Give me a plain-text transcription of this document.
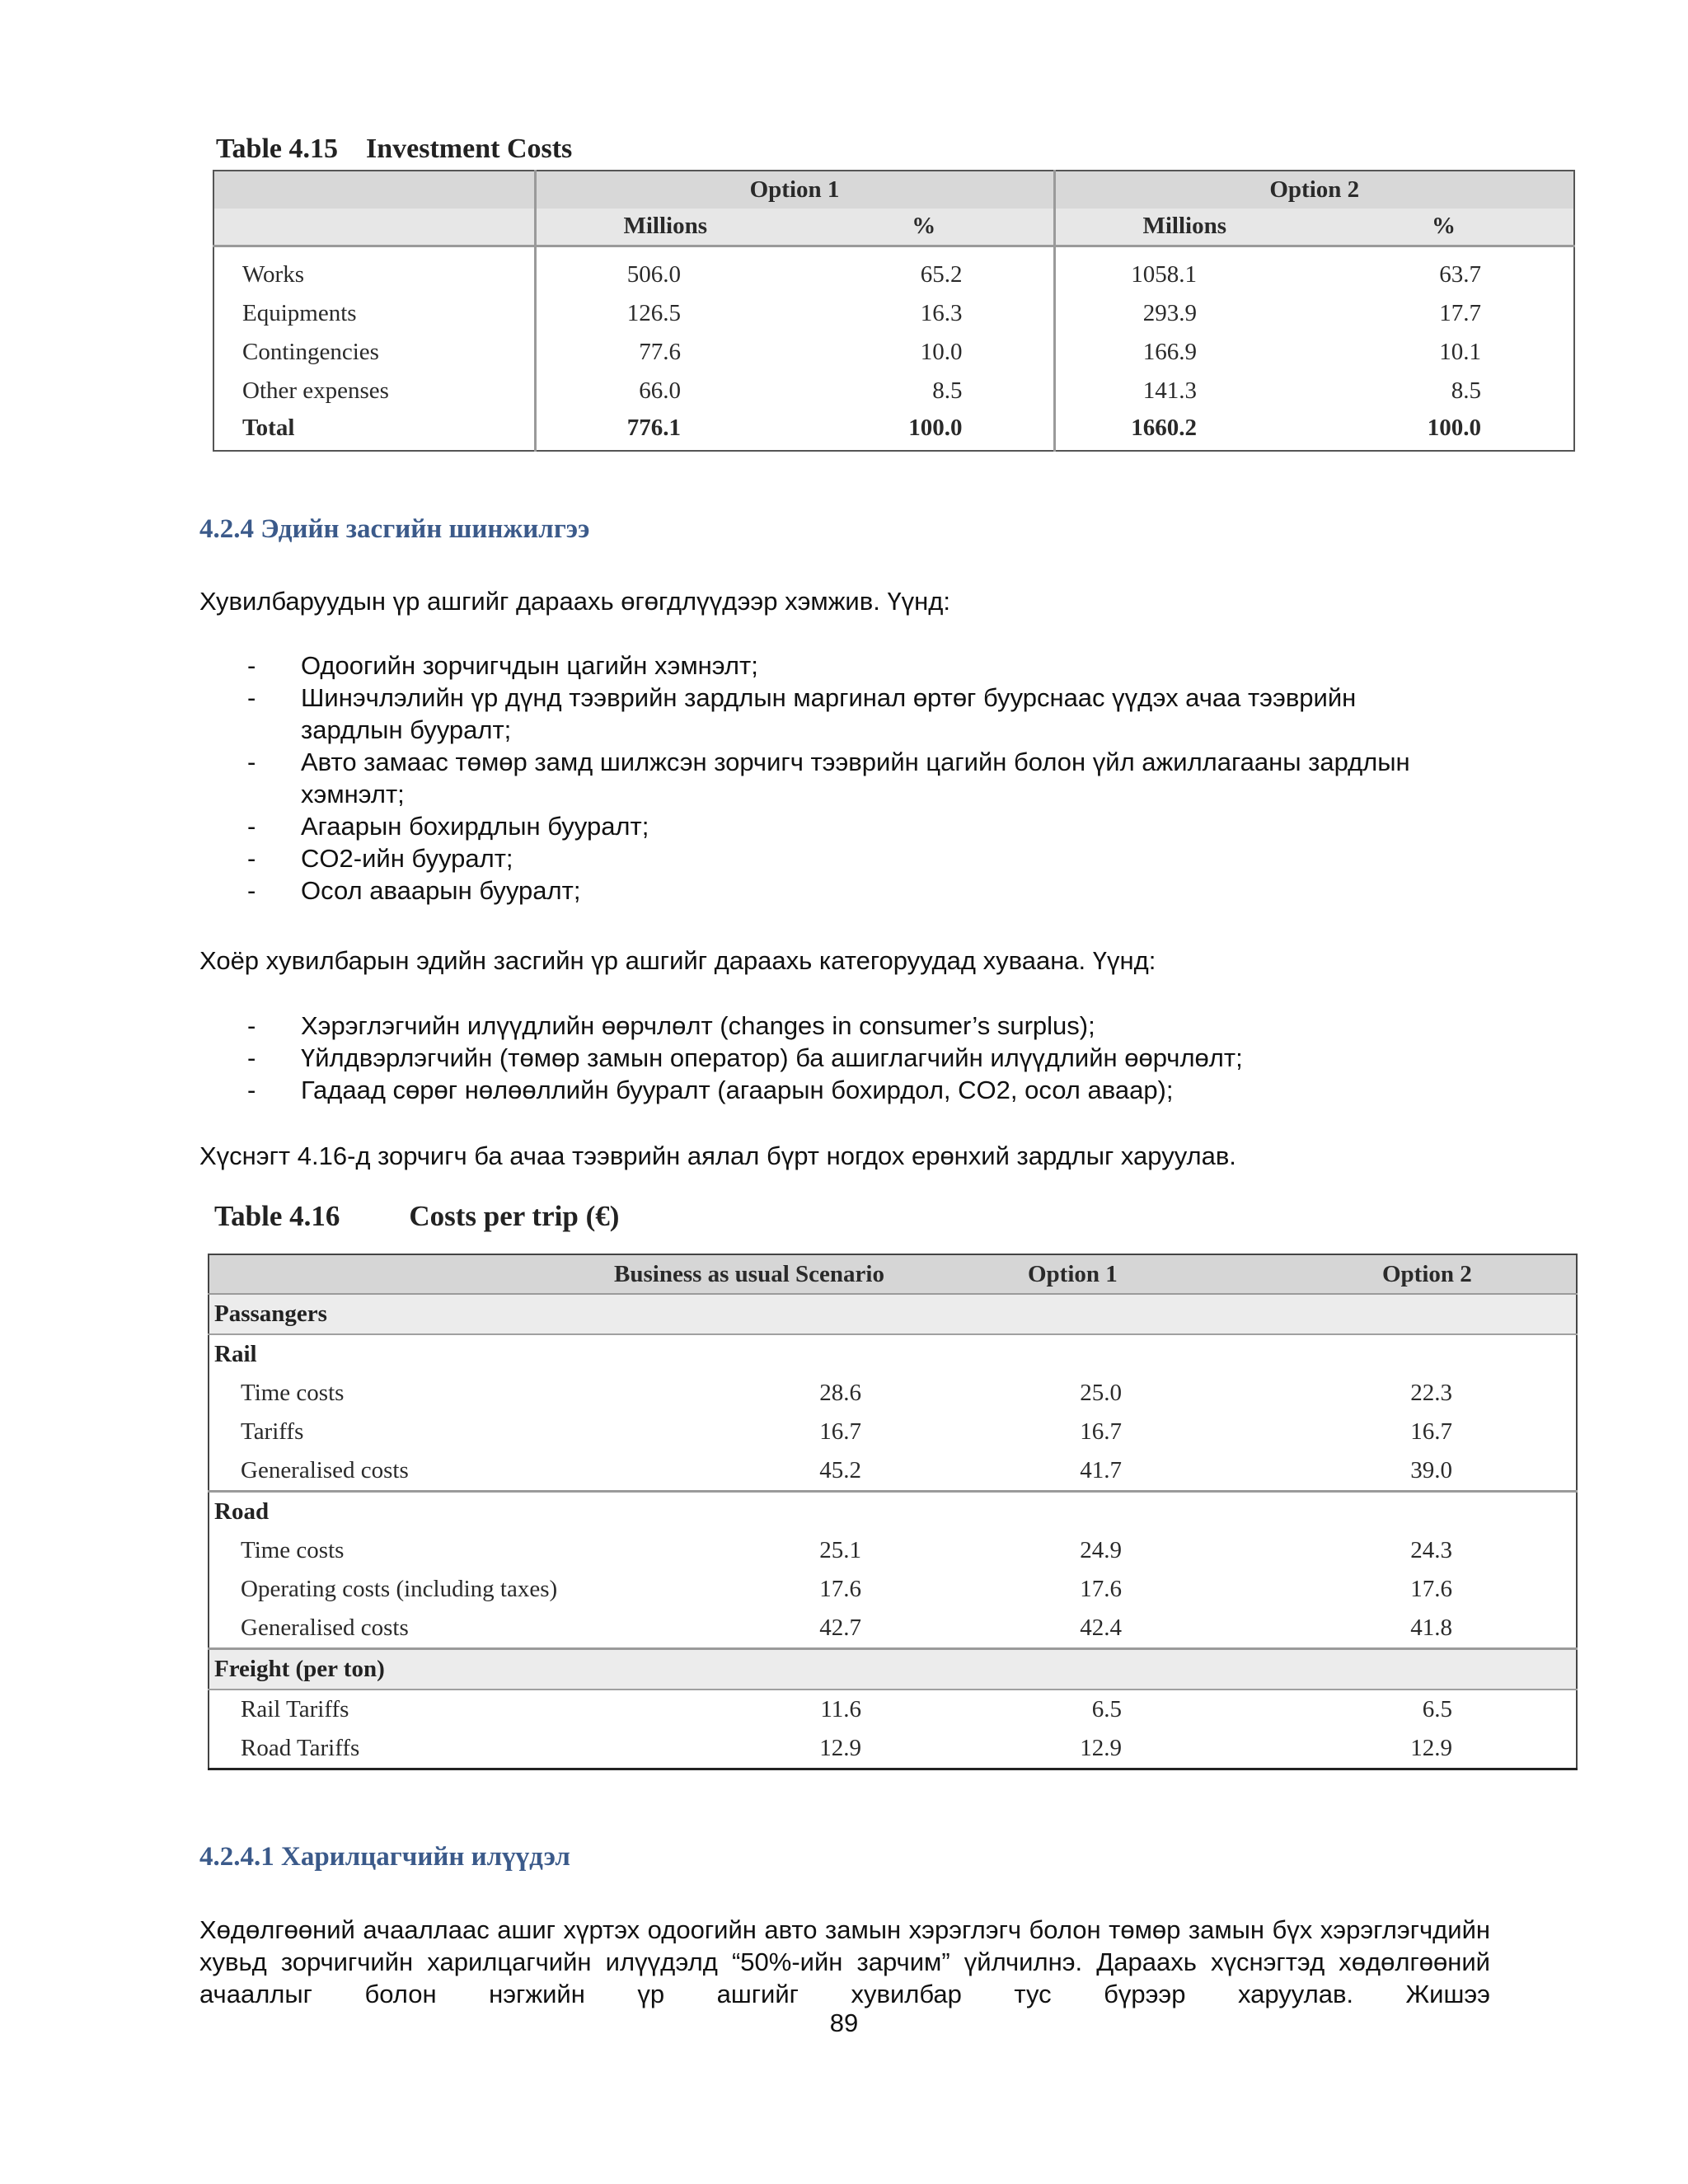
Table 4.15 Investment Costs
	Option 1		Option 2	
	Millions	%	Millions	%
Works	506.0	65.2	1058.1	63.7
Equipments	126.5	16.3	293.9	17.7
Contingencies	77.6	10.0	166.9	10.1
Other expenses	66.0	8.5	141.3	8.5
Total	776.1	100.0	1660.2	100.0
4.2.4 Эдийн засгийн шинжилгээ
Хувилбаруудын үр ашгийг дараахь өгөгдлүүдээр хэмжив. Үүнд:
- Одоогийн зорчигчдын цагийн хэмнэлт;
- Шинэчлэлийн үр дүнд тээврийн зардлын маргинал өртөг буурснаас үүдэх ачаа тээврийн зардлын бууралт;
- Авто замаас төмөр замд шилжсэн зорчигч тээврийн цагийн болон үйл ажиллагааны зардлын хэмнэлт;
- Агаарын бохирдлын бууралт;
- CO2-ийн бууралт;
- Осол аваарын бууралт;
Хоёр хувилбарын эдийн засгийн үр ашгийг дараахь категоруудад хуваана. Үүнд:
- Хэрэглэгчийн илүүдлийн өөрчлөлт (changes in consumer’s surplus);
- Үйлдвэрлэгчийн (төмөр замын оператор) ба ашиглагчийн илүүдлийн өөрчлөлт;
- Гадаад сөрөг нөлөөллийн бууралт (агаарын бохирдол, CO2, осол аваар);
Хүснэгт 4.16-д зорчигч ба ачаа тээврийн аялал бүрт ногдох ерөнхий зардлыг харуулав.
Table 4.16 Costs per trip (€)
	Business as usual Scenario	Option 1	Option 2
Passangers			
Rail			
Time costs	28.6	25.0	22.3
Tariffs	16.7	16.7	16.7
Generalised costs	45.2	41.7	39.0
Road			
Time costs	25.1	24.9	24.3
Operating costs (including taxes)	17.6	17.6	17.6
Generalised costs	42.7	42.4	41.8
Freight (per ton)			
Rail Tariffs	11.6	6.5	6.5
Road Tariffs	12.9	12.9	12.9
4.2.4.1 Харилцагчийн илүүдэл
Хөдөлгөөний ачааллаас ашиг хүртэх одоогийн авто замын хэрэглэгч болон төмөр замын бүх хэрэглэгчдийн хувьд зорчигчийн харилцагчийн илүүдэлд “50%-ийн зарчим” үйлчилнэ. Дараахь хүснэгтэд хөдөлгөөний ачааллыг болон нэгжийн үр ашгийг хувилбар тус бүрээр харуулав. Жишээ
89
